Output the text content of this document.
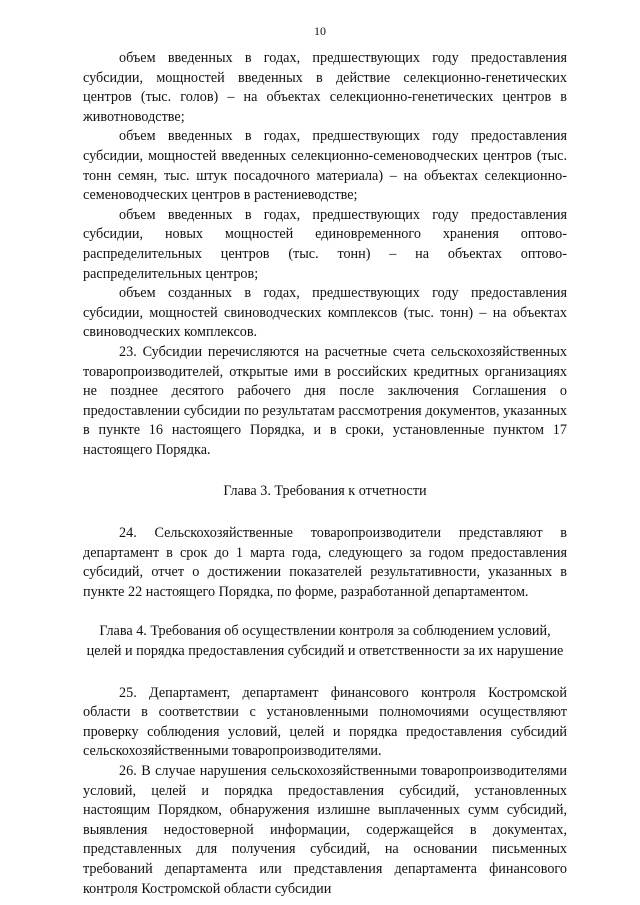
10

объем введенных в годах, предшествующих году предоставления субсидии, мощностей введенных в действие селекционно-генетических центров (тыс. голов) – на объектах селекционно-генетических центров в животноводстве;

объем введенных в годах, предшествующих году предоставления субсидии, мощностей введенных селекционно-семеноводческих центров (тыс. тонн семян, тыс. штук посадочного материала) – на объектах селекционно-семеноводческих центров в растениеводстве;

объем введенных в годах, предшествующих году предоставления субсидии, новых мощностей единовременного хранения оптово-распределительных центров (тыс. тонн) – на объектах оптово-распределительных центров;

объем созданных в годах, предшествующих году предоставления субсидии, мощностей свиноводческих комплексов (тыс. тонн) – на объектах свиноводческих комплексов.

23. Субсидии перечисляются на расчетные счета сельскохозяйственных товаропроизводителей, открытые ими в российских кредитных организациях не позднее десятого рабочего дня после заключения Соглашения о предоставлении субсидии по результатам рассмотрения документов, указанных в пункте 16 настоящего Порядка, и в сроки, установленные пунктом 17 настоящего Порядка.

Глава 3. Требования к отчетности

24. Сельскохозяйственные товаропроизводители представляют в департамент в срок до 1 марта года, следующего за годом предоставления субсидий, отчет о достижении показателей результативности, указанных в пункте 22 настоящего Порядка, по форме, разработанной департаментом.

Глава 4. Требования об осуществлении контроля за соблюдением условий, целей и порядка предоставления субсидий и ответственности за их нарушение

25. Департамент, департамент финансового контроля Костромской области в соответствии с установленными полномочиями осуществляют проверку соблюдения условий, целей и порядка предоставления субсидий сельскохозяйственными товаропроизводителями.

26. В случае нарушения сельскохозяйственными товаропроизводителями условий, целей и порядка предоставления субсидий, установленных настоящим Порядком, обнаружения излишне выплаченных сумм субсидий, выявления недостоверной информации, содержащейся в документах, представленных для получения субсидий, на основании письменных требований департамента или представления департамента финансового контроля Костромской области субсидии
